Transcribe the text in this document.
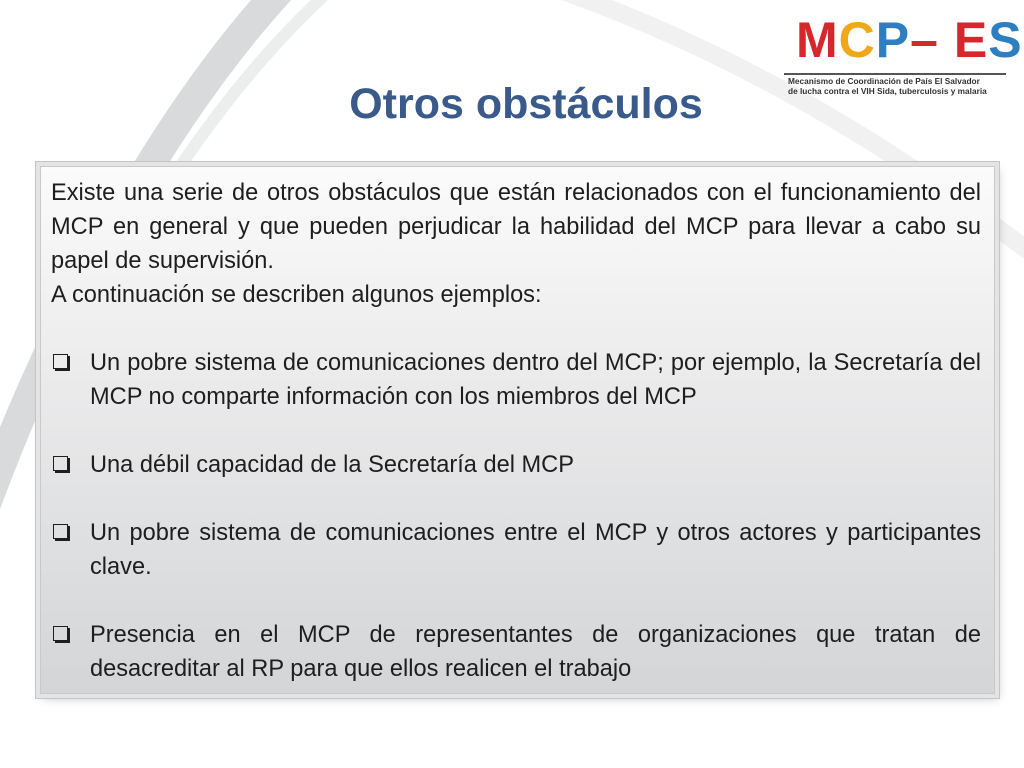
MCP– ES
Mecanismo de Coordinación de País El Salvador
de lucha contra el VIH Sida, tuberculosis y malaria
Otros obstáculos

Existe una serie de otros obstáculos que están relacionados con el funcionamiento del MCP en general y que pueden perjudicar la habilidad del MCP para llevar a cabo su papel de supervisión.

A continuación se describen algunos ejemplos:

Un pobre sistema de comunicaciones dentro del MCP; por ejemplo, la Secretaría del MCP no comparte información con los miembros del MCP
Una débil capacidad de la Secretaría del MCP
Un pobre sistema de comunicaciones entre el MCP y otros actores y participantes clave.
Presencia en el MCP de representantes de organizaciones que tratan de desacreditar al RP para que ellos realicen el trabajo
